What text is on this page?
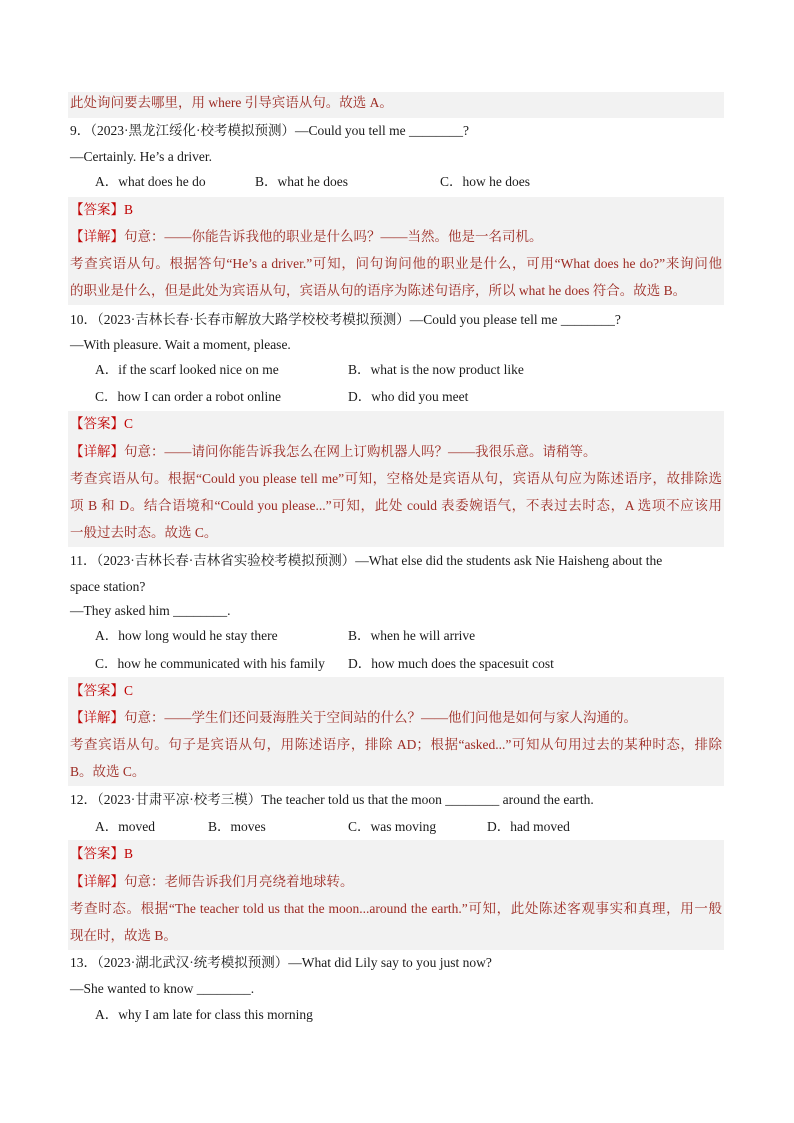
此处询问要去哪里，用 where 引导宾语从句。故选 A。
9．（2023·黑龙江绥化·校考模拟预测）—Could you tell me ________?
—Certainly. He’s a driver.
A．what does he do	B．what he does	C．how he does
【答案】B
【详解】句意：——你能告诉我他的职业是什么吗？——当然。他是一名司机。
考查宾语从句。根据答句“He’s a driver.”可知，问句询问他的职业是什么，可用“What does he do?”来询问他
的职业是什么，但是此处为宾语从句，宾语从句的语序为陈述句语序，所以 what he does 符合。故选 B。
10．（2023·吉林长春·长春市解放大路学校校考模拟预测）—Could you please tell me ________?
—With pleasure. Wait a moment, please.
A．if the scarf looked nice on me	B．what is the now product like
C．how I can order a robot online	D．who did you meet
【答案】C
【详解】句意：——请问你能告诉我怎么在网上订购机器人吗？——我很乐意。请稍等。
考查宾语从句。根据“Could you please tell me”可知，空格处是宾语从句，宾语从句应为陈述语序，故排除选
项 B 和 D。结合语境和“Could you please...”可知，此处 could 表委婉语气，不表过去时态，A 选项不应该用
一般过去时态。故选 C。
11．（2023·吉林长春·吉林省实验校考模拟预测）—What else did the students ask Nie Haisheng about the
space station?
—They asked him ________.
A．how long would he stay there	B．when he will arrive
C．how he communicated with his family D．how much does the spacesuit cost
【答案】C
【详解】句意：——学生们还问聂海胜关于空间站的什么？——他们问他是如何与家人沟通的。
考查宾语从句。句子是宾语从句，用陈述语序，排除 AD；根据“asked...”可知从句用过去的某种时态，排除
B。故选 C。
12．（2023·甘肃平凉·校考三模）The teacher told us that the moon ________ around the earth.
A．moved	B．moves	C．was moving	D．had moved
【答案】B
【详解】句意：老师告诉我们月亮绕着地球转。
考查时态。根据“The teacher told us that the moon...around the earth.”可知，此处陈述客观事实和真理，用一般
现在时，故选 B。
13．（2023·湖北武汉·统考模拟预测）—What did Lily say to you just now?
—She wanted to know ________.
A．why I am late for class this morning
